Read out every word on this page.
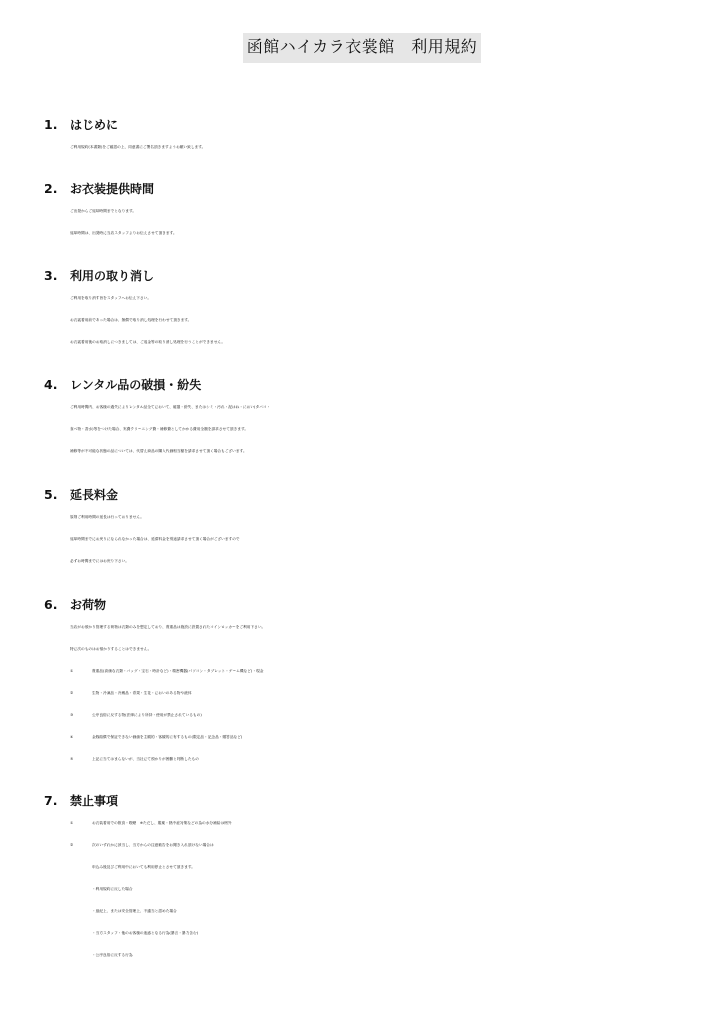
函館ハイカラ衣裳館　利用規約
1. はじめに
ご利用規約(本書類)をご確認の上、同意書にご署名頂きますようお願い致します。
2. お衣装提供時間
ご出発からご返却時間までとなります。
返却時間は、出発時に当店スタッフよりお伝えさせて頂きます。
3. 利用の取り消し
ご利用を取り消す旨をスタッフへお伝え下さい。
お衣裳着用前であった場合は、無償で取り消し処理を行わせて頂きます。
お衣裳着用後のお取消しにつきましては、ご返金等の取り消し処理を行うことができません。
4. レンタル品の破損・紛失
ご利用時間内、お客様の過失によりレンタル品全てにおいて、破損・紛失、またはシミ・汚れ・泥はね・におい(タバコ・
食べ物・香水)等をつけた場合、実費クリーニング費・補修費としてかかる費用全額を請求させて頂きます。
補修等が不可能な状態の品については、代替え商品の購入代価相当額を請求させて頂く場合もございます。
5. 延長料金
原則ご利用時間の延長は行っておりません。
返却時間までにお戻りになられなかった場合は、延滞料金を別途請求させて頂く場合がございますので
必ずお時間までにはお戻り下さい。
6. お荷物
当店がお預かり管理する荷物は衣類のみを想定しており、貴重品は施設に設置されたコインロッカーをご利用下さい。
特に次のものはお預かりすることはできません。
①	貴重品(高価な衣類・バッグ・宝石・時計など)・精密機器(パソコン・タブレット・ゲーム機など)・現金
②	生物・冷凍品・冷蔵品・青果・生花・においのある物や液体
③	公序良俗に反する物(法律により所持・使用が禁止されているもの)
④	金銭賠償で保証できない価値を主観的・客観的に有するもの(限定品・記念品・贈答品など)
⑤	上記に当てはまらないが、当社にて預かりが困難と判断したもの
7. 禁止事項
①	お衣装着用での飲食・喫煙　※ただし、服薬・熱中症対策などの為の水分補給は例外
②	次のいずれかに該当し、当方からの注意勧告をお聞き入れ頂けない場合は
申込み後及びご利用中においても利用停止とさせて頂きます。
・利用規約に反した場合
・風紀上、または安全管理上、不適当と認めた場合
・当方スタッフ・他のお客様の迷惑となる行為(暴言・暴力含む)
・公序良俗に反する行為
